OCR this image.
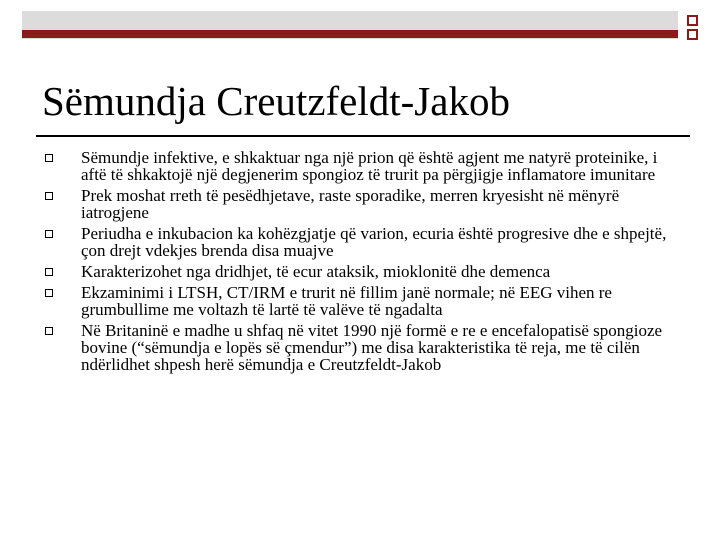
Sëmundja Creutzfeldt-Jakob
Sëmundje infektive, e shkaktuar nga një prion që është agjent me natyrë proteinike, i aftë të shkaktojë një degjenerim spongioz të trurit pa përgjigje inflamatore imunitare
Prek moshat rreth të pesëdhjetave, raste sporadike, merren kryesisht në mënyrë iatrogjene
Periudha e inkubacion ka kohëzgjatje që varion, ecuria është progresive dhe e shpejtë, çon drejt vdekjes brenda disa muajve
Karakterizohet nga dridhjet, të ecur ataksik, mioklonitë dhe demenca
Ekzaminimi i LTSH, CT/IRM e trurit në fillim janë normale; në EEG vihen re grumbullime me voltazh të lartë të valëve të ngadalta
Në Britaninë e madhe u shfaq në vitet 1990 një formë e re e encefalopatisë spongioze bovine (“sëmundja e lopës së çmendur”) me disa karakteristika të reja, me të cilën ndërlidhet shpesh herë sëmundja e Creutzfeldt-Jakob
